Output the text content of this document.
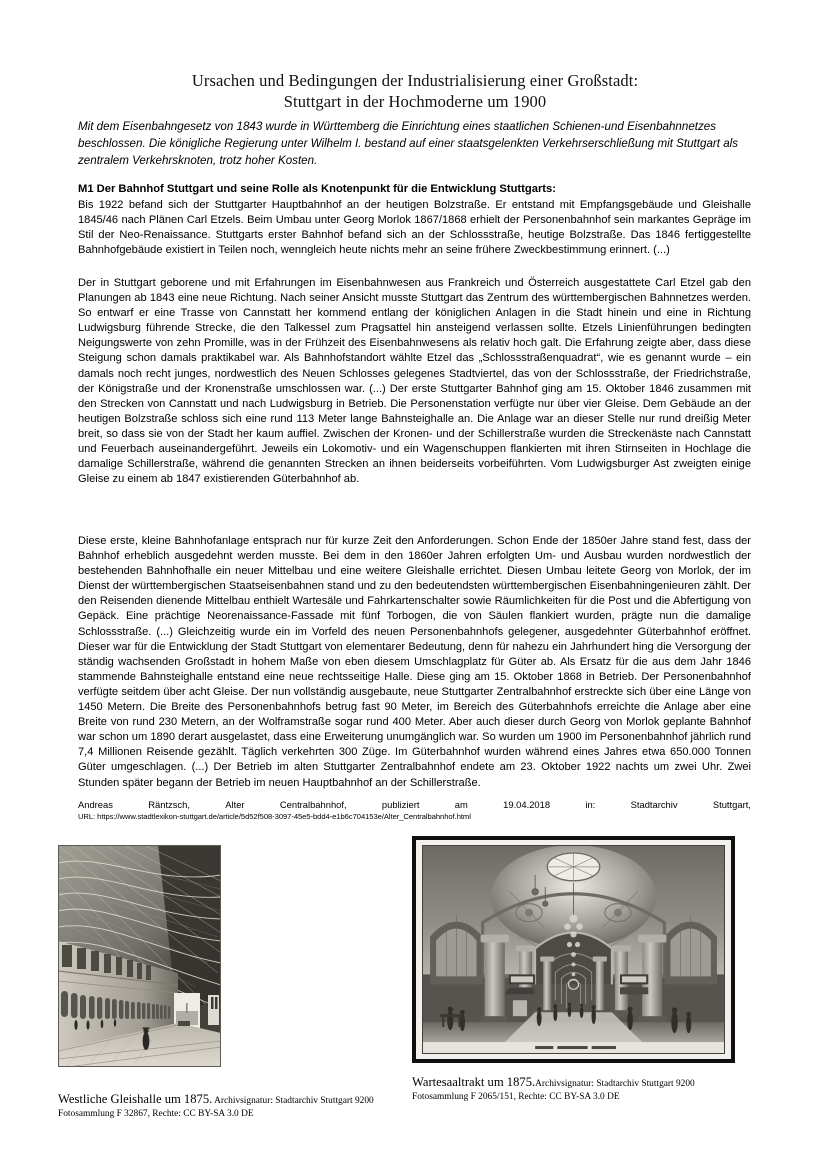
Ursachen und Bedingungen der Industrialisierung einer Großstadt:
Stuttgart in der Hochmoderne um 1900
Mit dem Eisenbahngesetz von 1843 wurde in Württemberg die Einrichtung eines staatlichen Schienen-und Eisenbahnnetzes beschlossen. Die königliche Regierung unter Wilhelm I. bestand auf einer staatsgelenkten Verkehrserschließung mit Stuttgart als zentralem Verkehrsknoten, trotz hoher Kosten.
M1 Der Bahnhof Stuttgart und seine Rolle als Knotenpunkt für die Entwicklung Stuttgarts:
Bis 1922 befand sich der Stuttgarter Hauptbahnhof an der heutigen Bolzstraße. Er entstand mit Empfangsgebäude und Gleishalle 1845/46 nach Plänen Carl Etzels. Beim Umbau unter Georg Morlok 1867/1868 erhielt der Personenbahnhof sein markantes Gepräge im Stil der Neo-Renaissance. Stuttgarts erster Bahnhof befand sich an der Schlossstraße, heutige Bolzstraße. Das 1846 fertiggestellte Bahnhofgebäude existiert in Teilen noch, wenngleich heute nichts mehr an seine frühere Zweckbestimmung erinnert. (...)
Der in Stuttgart geborene und mit Erfahrungen im Eisenbahnwesen aus Frankreich und Österreich ausgestattete Carl Etzel gab den Planungen ab 1843 eine neue Richtung. Nach seiner Ansicht musste Stuttgart das Zentrum des württembergischen Bahnnetzes werden. So entwarf er eine Trasse von Cannstatt her kommend entlang der königlichen Anlagen in die Stadt hinein und eine in Richtung Ludwigsburg führende Strecke, die den Talkessel zum Pragsattel hin ansteigend verlassen sollte. Etzels Linienführungen bedingten Neigungswerte von zehn Promille, was in der Frühzeit des Eisenbahnwesens als relativ hoch galt. Die Erfahrung zeigte aber, dass diese Steigung schon damals praktikabel war. Als Bahnhofstandort wählte Etzel das „Schlossstraßenquadrat“, wie es genannt wurde – ein damals noch recht junges, nordwestlich des Neuen Schlosses gelegenes Stadtviertel, das von der Schlossstraße, der Friedrichstraße, der Königstraße und der Kronenstraße umschlossen war. (...) Der erste Stuttgarter Bahnhof ging am 15. Oktober 1846 zusammen mit den Strecken von Cannstatt und nach Ludwigsburg in Betrieb. Die Personenstation verfügte nur über vier Gleise. Dem Gebäude an der heutigen Bolzstraße schloss sich eine rund 113 Meter lange Bahnsteighalle an. Die Anlage war an dieser Stelle nur rund dreißig Meter breit, so dass sie von der Stadt her kaum auffiel. Zwischen der Kronen- und der Schillerstraße wurden die Streckenäste nach Cannstatt und Feuerbach auseinandergeführt. Jeweils ein Lokomotiv- und ein Wagenschuppen flankierten mit ihren Stirnseiten in Hochlage die damalige Schillerstraße, während die genannten Strecken an ihnen beiderseits vorbeiführten. Vom Ludwigsburger Ast zweigten einige Gleise zu einem ab 1847 existierenden Güterbahnhof ab.
Diese erste, kleine Bahnhofanlage entsprach nur für kurze Zeit den Anforderungen. Schon Ende der 1850er Jahre stand fest, dass der Bahnhof erheblich ausgedehnt werden musste. Bei dem in den 1860er Jahren erfolgten Um- und Ausbau wurden nordwestlich der bestehenden Bahnhofhalle ein neuer Mittelbau und eine weitere Gleishalle errichtet. Diesen Umbau leitete Georg von Morlok, der im Dienst der württembergischen Staatseisenbahnen stand und zu den bedeutendsten württembergischen Eisenbahningenieuren zählt. Der den Reisenden dienende Mittelbau enthielt Wartesäle und Fahrkartenschalter sowie Räumlichkeiten für die Post und die Abfertigung von Gepäck. Eine prächtige Neorenaissance-Fassade mit fünf Torbogen, die von Säulen flankiert wurden, prägte nun die damalige Schlossstraße. (...) Gleichzeitig wurde ein im Vorfeld des neuen Personenbahnhofs gelegener, ausgedehnter Güterbahnhof eröffnet. Dieser war für die Entwicklung der Stadt Stuttgart von elementarer Bedeutung, denn für nahezu ein Jahrhundert hing die Versorgung der ständig wachsenden Großstadt in hohem Maße von eben diesem Umschlagplatz für Güter ab. Als Ersatz für die aus dem Jahr 1846 stammende Bahnsteighalle entstand eine neue rechtsseitige Halle. Diese ging am 15. Oktober 1868 in Betrieb. Der Personenbahnhof verfügte seitdem über acht Gleise. Der nun vollständig ausgebaute, neue Stuttgarter Zentralbahnhof erstreckte sich über eine Länge von 1450 Metern. Die Breite des Personenbahnhofs betrug fast 90 Meter, im Bereich des Güterbahnhofs erreichte die Anlage aber eine Breite von rund 230 Metern, an der Wolframstraße sogar rund 400 Meter. Aber auch dieser durch Georg von Morlok geplante Bahnhof war schon um 1890 derart ausgelastet, dass eine Erweiterung unumgänglich war. So wurden um 1900 im Personenbahnhof jährlich rund 7,4 Millionen Reisende gezählt. Täglich verkehrten 300 Züge. Im Güterbahnhof wurden während eines Jahres etwa 650.000 Tonnen Güter umgeschlagen. (...) Der Betrieb im alten Stuttgarter Zentralbahnhof endete am 23. Oktober 1922 nachts um zwei Uhr. Zwei Stunden später begann der Betrieb im neuen Hauptbahnhof an der Schillerstraße.
Andreas	Räntzsch,	Alter	Centralbahnhof,	publiziert	am	19.04.2018	in:	Stadtarchiv	Stuttgart,
URL: https://www.stadtlexikon-stuttgart.de/article/5d52f508-3097-45e5-bdd4-e1b6c704153e/Alter_Centralbahnhof.html
Westliche Gleishalle um 1875. Archivsignatur: Stadtarchiv Stuttgart 9200
Fotosammlung F 32867, Rechte: CC BY-SA 3.0 DE
Wartesaaltrakt um 1875.Archivsignatur: Stadtarchiv Stuttgart 9200
Fotosammlung F 2065/151, Rechte: CC BY-SA 3.0 DE
